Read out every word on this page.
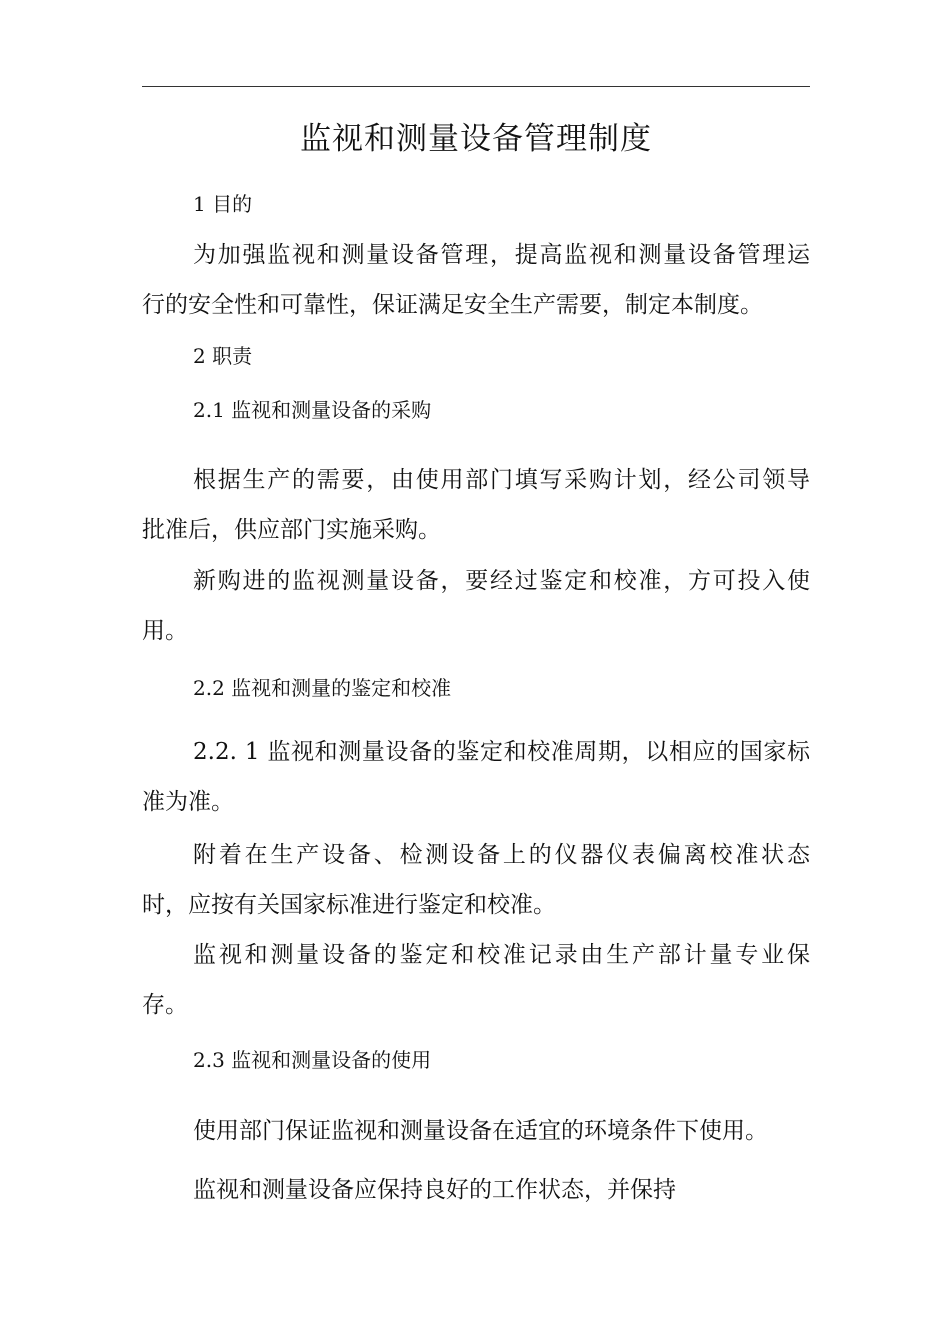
监视和测量设备管理制度
1 目的
为加强监视和测量设备管理，提高监视和测量设备管理运
行的安全性和可靠性，保证满足安全生产需要，制定本制度。
2 职责
2.1 监视和测量设备的采购
根据生产的需要，由使用部门填写采购计划，经公司领导
批准后，供应部门实施采购。
新购进的监视测量设备，要经过鉴定和校准，方可投入使
用。
2.2 监视和测量的鉴定和校准
2.2. 1 监视和测量设备的鉴定和校准周期，以相应的国家标
准为准。
附着在生产设备、检测设备上的仪器仪表偏离校准状态
时，应按有关国家标准进行鉴定和校准。
监视和测量设备的鉴定和校准记录由生产部计量专业保
存。
2.3 监视和测量设备的使用
使用部门保证监视和测量设备在适宜的环境条件下使用。
监视和测量设备应保持良好的工作状态，并保持
